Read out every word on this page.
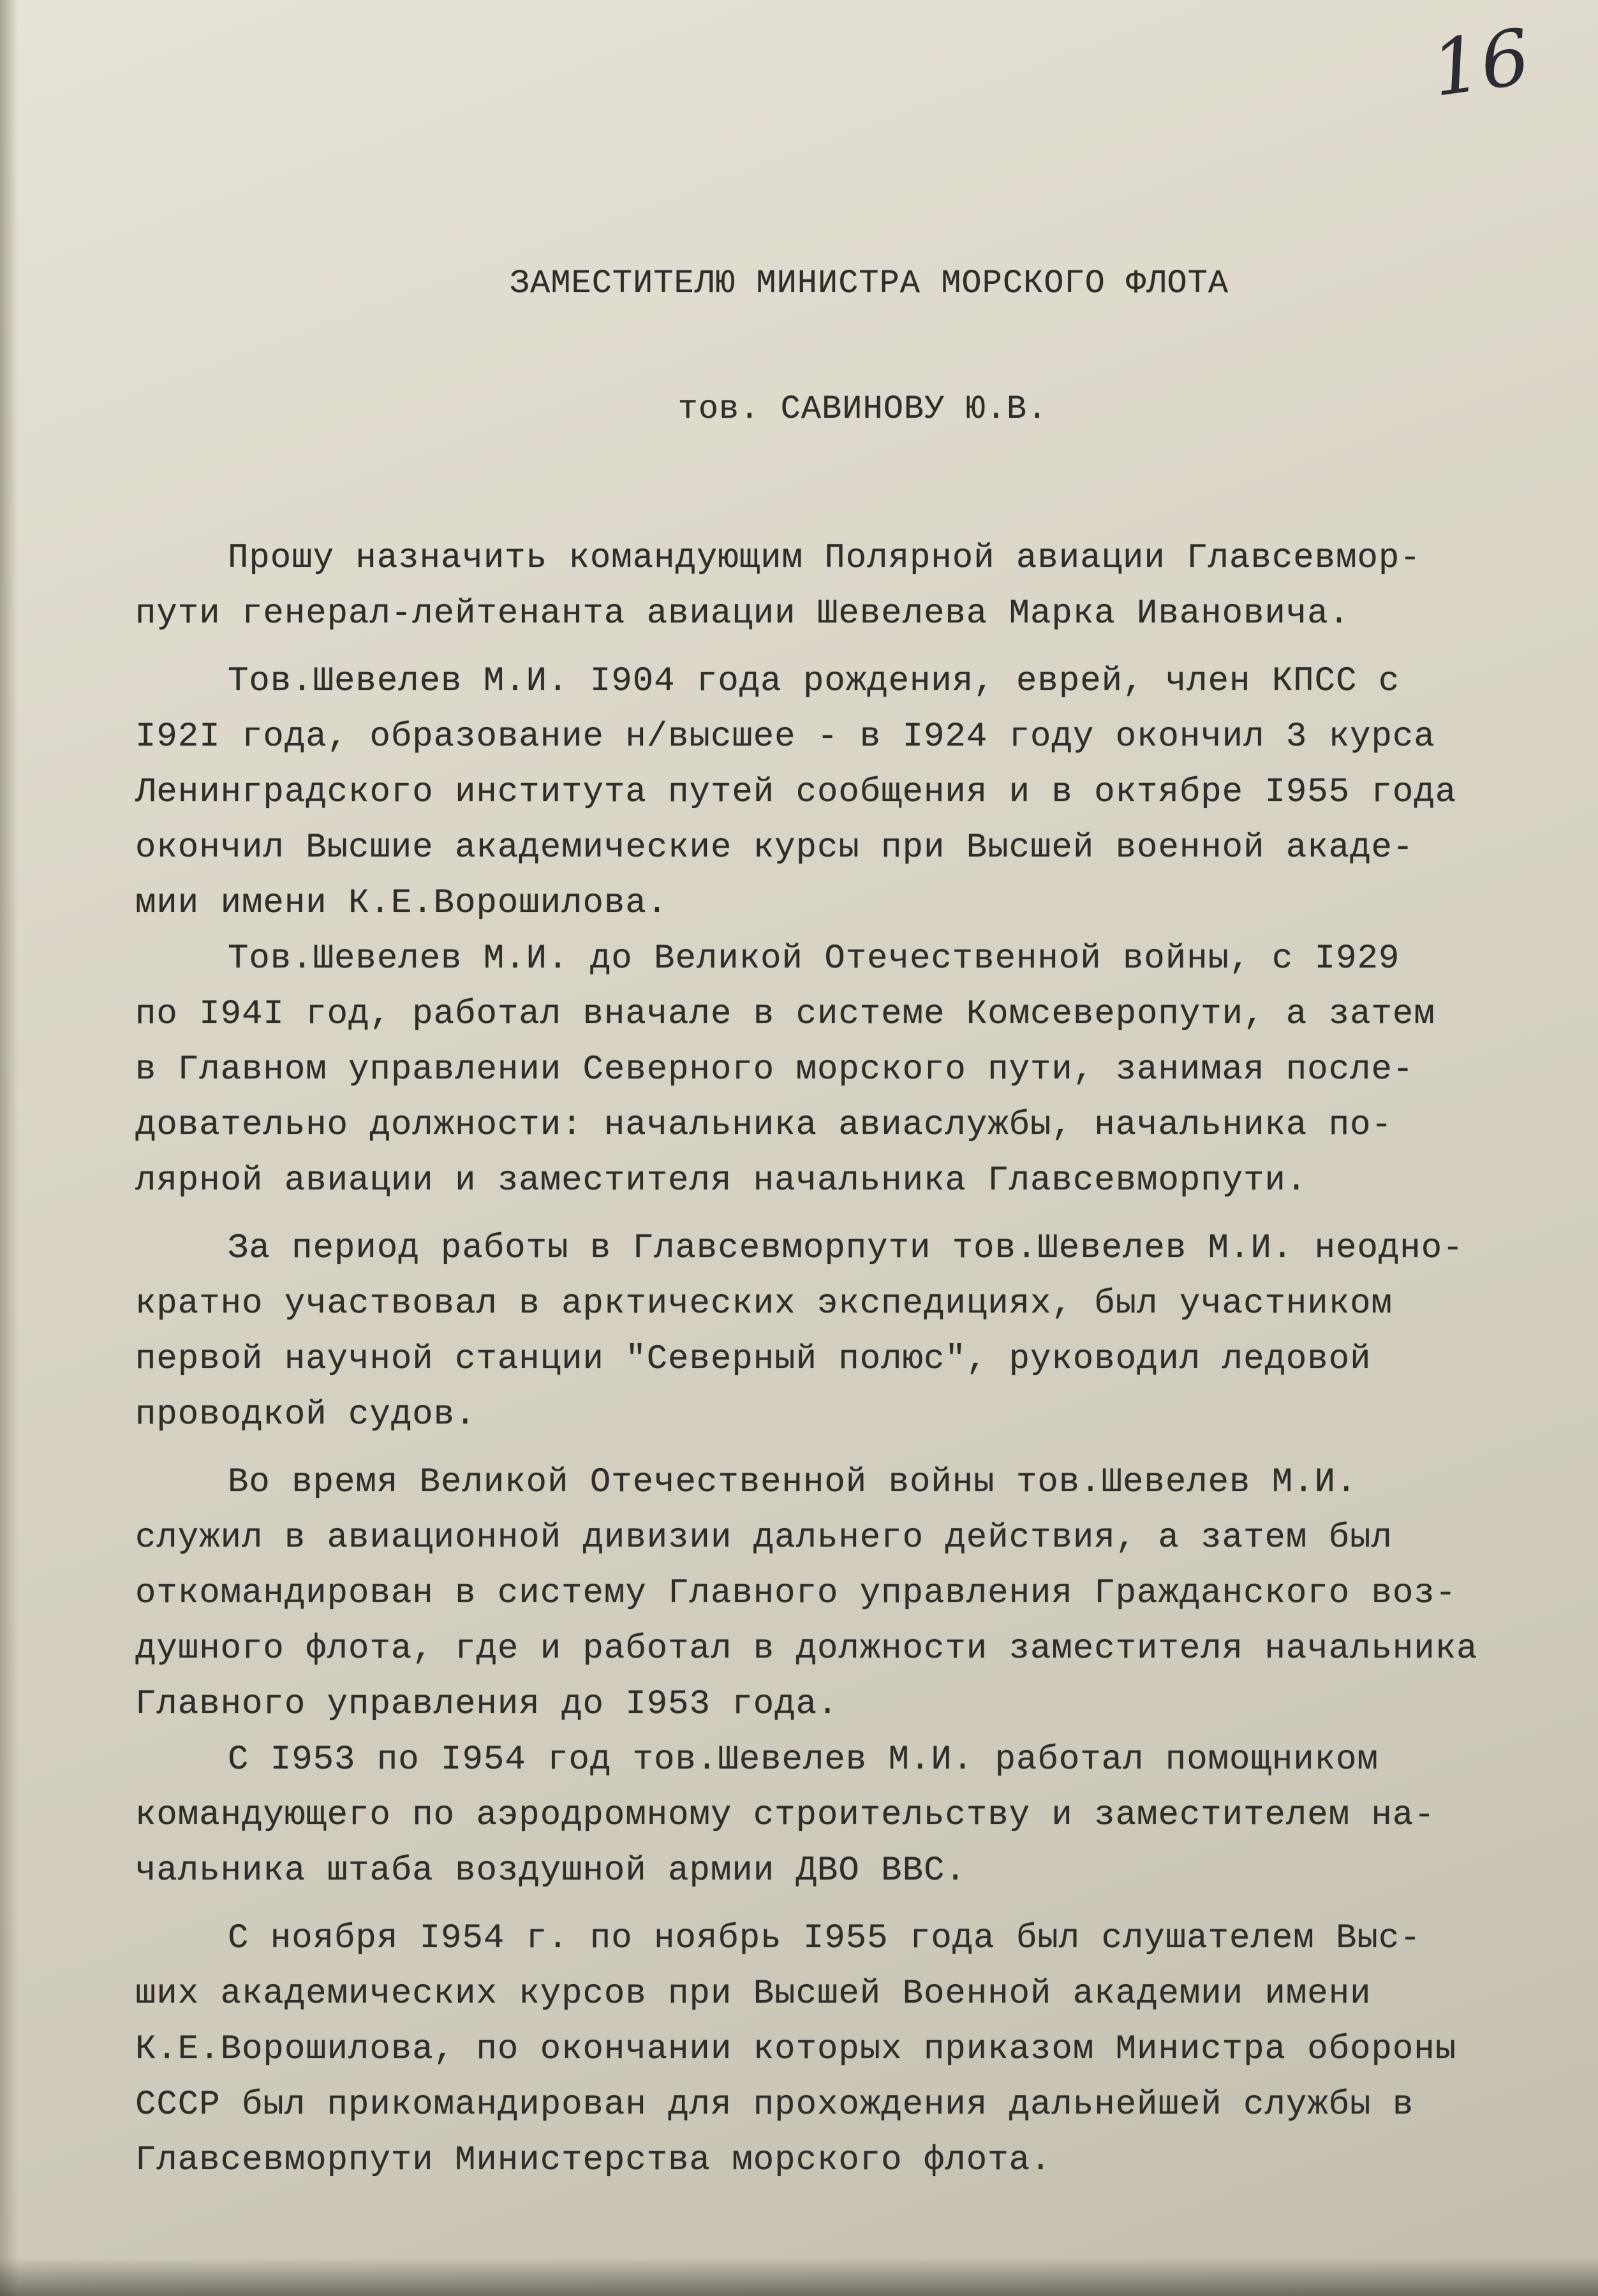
16
ЗАМЕСТИТЕЛЮ МИНИСТРА МОРСКОГО ФЛОТА
тов. САВИНОВУ Ю.В.
Прошу назначить командующим Полярной авиации Главсевмор-
пути генерал-лейтенанта авиации Шевелева Марка Ивановича.
Тов.Шевелев М.И. I904 года рождения, еврей, член КПСС с
I92I года, образование н/высшее - в I924 году окончил 3 курса
Ленинградского института путей сообщения и в октябре I955 года
окончил Высшие академические курсы при Высшей военной акаде-
мии имени К.Е.Ворошилова.
Тов.Шевелев М.И. до Великой Отечественной войны, с I929
по I94I год, работал вначале в системе Комсеверопути, а затем
в Главном управлении Северного морского пути, занимая после-
довательно должности: начальника авиаслужбы, начальника по-
лярной авиации и заместителя начальника Главсевморпути.
За период работы в Главсевморпути тов.Шевелев М.И. неодно-
кратно участвовал в арктических экспедициях, был участником
первой научной станции "Северный полюс", руководил ледовой
проводкой судов.
Во время Великой Отечественной войны тов.Шевелев М.И.
служил в авиационной дивизии дальнего действия, а затем был
откомандирован в систему Главного управления Гражданского воз-
душного флота, где и работал в должности заместителя начальника
Главного управления до I953 года.
С I953 по I954 год тов.Шевелев М.И. работал помощником
командующего по аэродромному строительству и заместителем на-
чальника штаба воздушной армии ДВО ВВС.
С ноября I954 г. по ноябрь I955 года был слушателем Выс-
ших академических курсов при Высшей Военной академии имени
К.Е.Ворошилова, по окончании которых приказом Министра обороны
СССР был прикомандирован для прохождения дальнейшей службы в
Главсевморпути Министерства морского флота.
